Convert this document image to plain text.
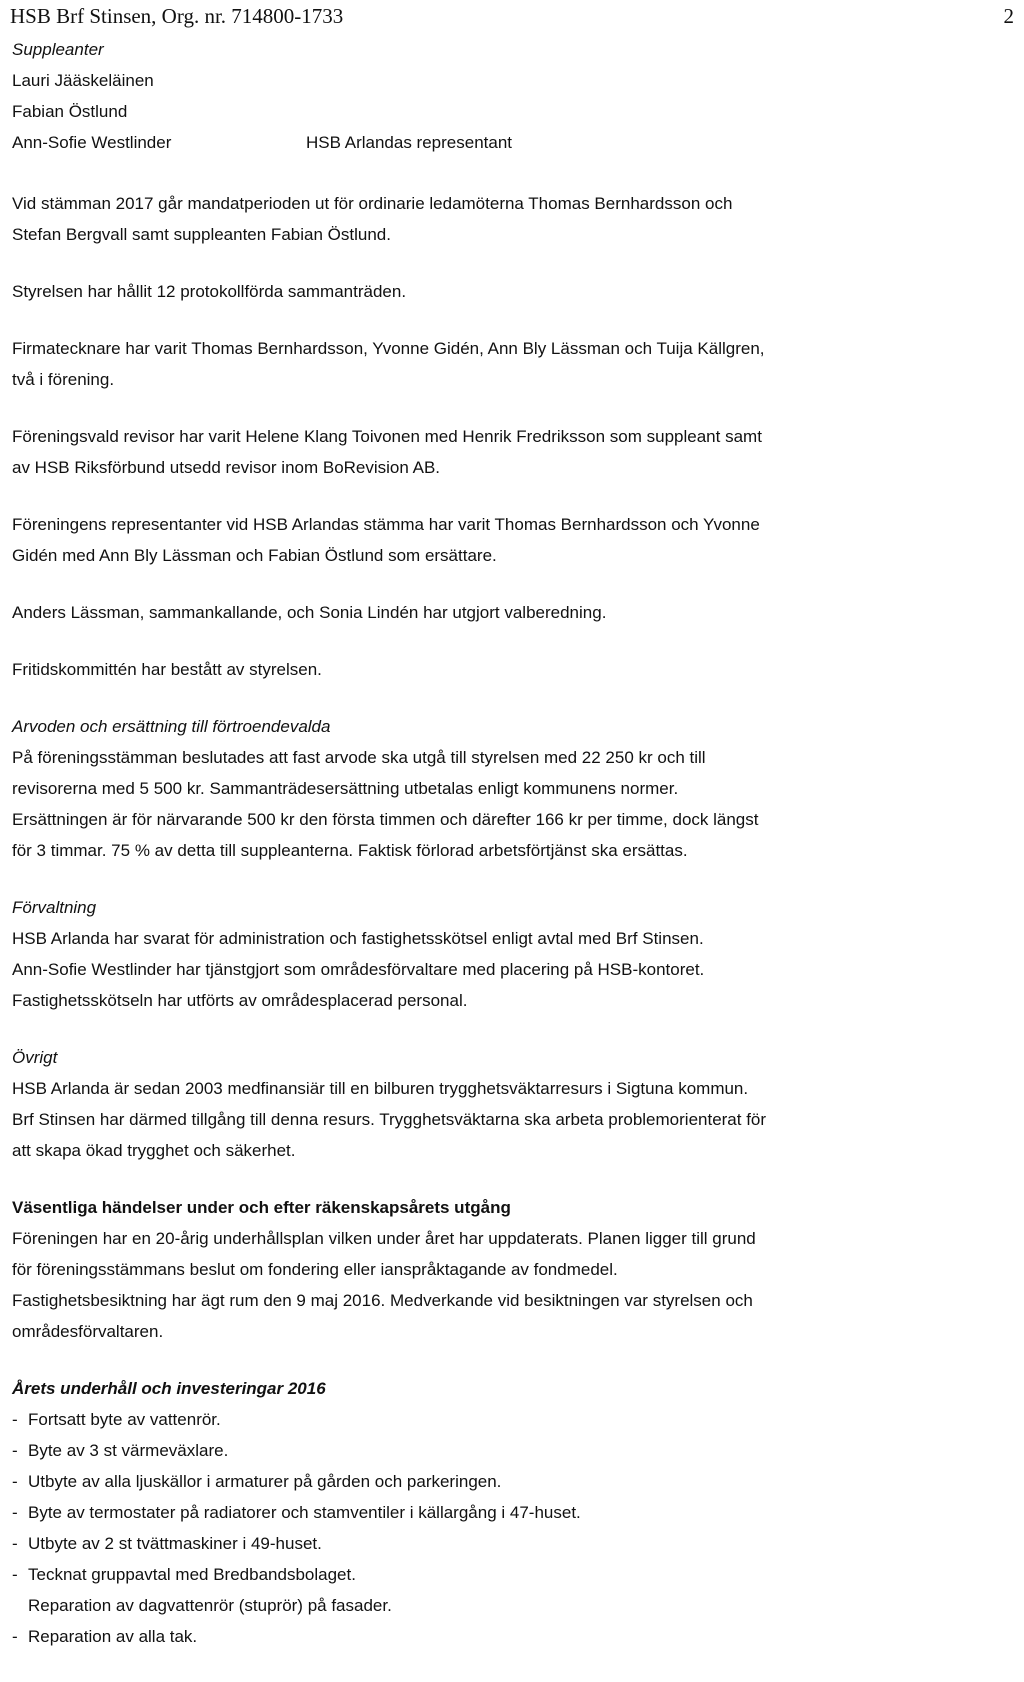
HSB Brf Stinsen, Org. nr. 714800-1733	2
Suppleanter
Lauri Jääskeläinen
Fabian Östlund
Ann-Sofie Westlinder	HSB Arlandas representant

Vid stämman 2017 går mandatperioden ut för ordinarie ledamöterna Thomas Bernhardsson och
Stefan Bergvall samt suppleanten Fabian Östlund.

Styrelsen har hållit 12 protokollförda sammanträden.

Firmatecknare har varit Thomas Bernhardsson, Yvonne Gidén, Ann Bly Lässman och Tuija Källgren,
två i förening.

Föreningsvald revisor har varit Helene Klang Toivonen med Henrik Fredriksson som suppleant samt
av HSB Riksförbund utsedd revisor inom BoRevision AB.

Föreningens representanter vid HSB Arlandas stämma har varit Thomas Bernhardsson och Yvonne
Gidén med Ann Bly Lässman och Fabian Östlund som ersättare.

Anders Lässman, sammankallande, och Sonia Lindén har utgjort valberedning.

Fritidskommittén har bestått av styrelsen.

Arvoden och ersättning till förtroendevalda
På föreningsstämman beslutades att fast arvode ska utgå till styrelsen med 22 250 kr och till
revisorerna med 5 500 kr. Sammanträdesersättning utbetalas enligt kommunens normer.
Ersättningen är för närvarande 500 kr den första timmen och därefter 166 kr per timme, dock längst
för 3 timmar. 75 % av detta till suppleanterna. Faktisk förlorad arbetsförtjänst ska ersättas.
Förvaltning
HSB Arlanda har svarat för administration och fastighetsskötsel enligt avtal med Brf Stinsen.
Ann-Sofie Westlinder har tjänstgjort som områdesförvaltare med placering på HSB-kontoret.
Fastighetsskötseln har utförts av områdesplacerad personal.
Övrigt
HSB Arlanda är sedan 2003 medfinansiär till en bilburen trygghetsväktarresurs i Sigtuna kommun.
Brf Stinsen har därmed tillgång till denna resurs. Trygghetsväktarna ska arbeta problemorienterat för
att skapa ökad trygghet och säkerhet.
Väsentliga händelser under och efter räkenskapsårets utgång
Föreningen har en 20-årig underhållsplan vilken under året har uppdaterats. Planen ligger till grund
för föreningsstämmans beslut om fondering eller ianspråktagande av fondmedel.
Fastighetsbesiktning har ägt rum den 9 maj 2016. Medverkande vid besiktningen var styrelsen och
områdesförvaltaren.
Årets underhåll och investeringar 2016
- Fortsatt byte av vattenrör.
- Byte av 3 st värmeväxlare.
- Utbyte av alla ljuskällor i armaturer på gården och parkeringen.
- Byte av termostater på radiatorer och stamventiler i källargång i 47-huset.
- Utbyte av 2 st tvättmaskiner i 49-huset.
- Tecknat gruppavtal med Bredbandsbolaget.
Reparation av dagvattenrör (stuprör) på fasader.
- Reparation av alla tak.
